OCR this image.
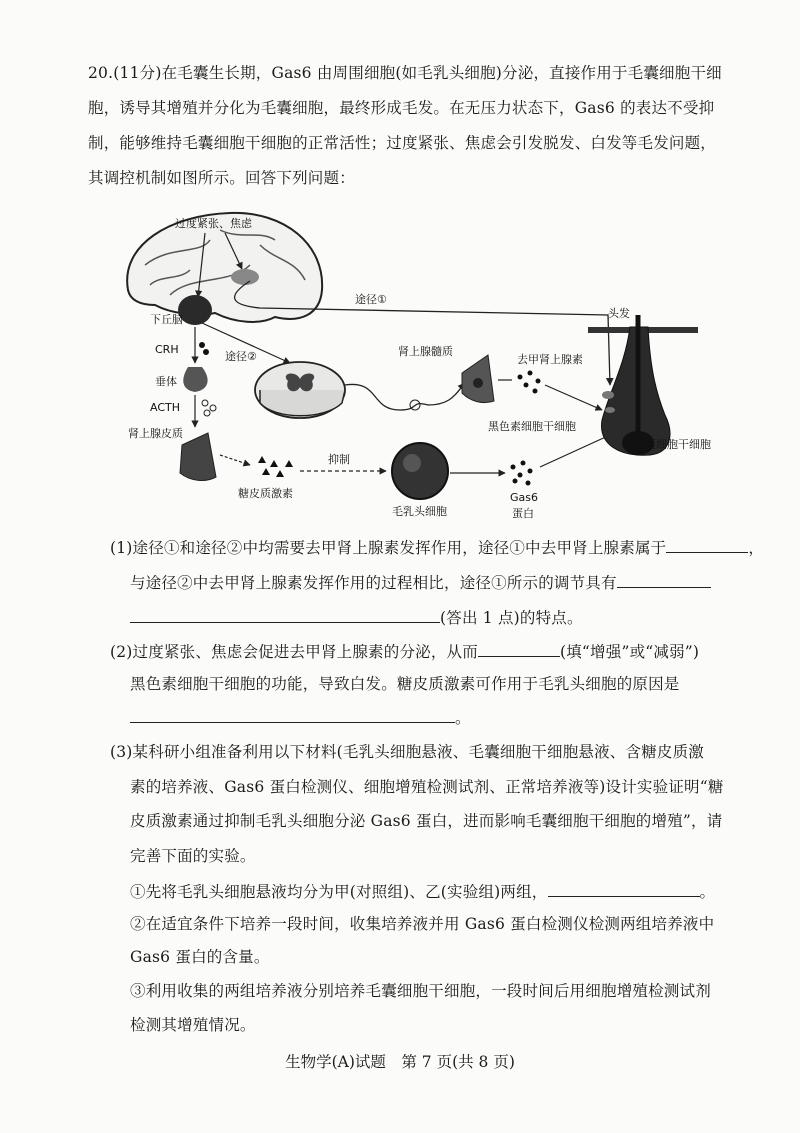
20.(11分)在毛囊生长期，Gas6 由周围细胞(如毛乳头细胞)分泌，直接作用于毛囊细胞干细
胞，诱导其增殖并分化为毛囊细胞，最终形成毛发。在无压力状态下，Gas6 的表达不受抑
制，能够维持毛囊细胞干细胞的正常活性；过度紧张、焦虑会引发脱发、白发等毛发问题，
其调控机制如图所示。回答下列问题：
过度紧张、焦虑
下丘脑
CRH
垂体
ACTH
肾上腺皮质
糖皮质激素
抑制
毛乳头细胞
Gas6
蛋白
途径①
途径②	肾上腺髓质
去甲肾上腺素
头发
黑色素细胞干细胞
毛囊细胞干细胞
(1)途径①和途径②中均需要去甲肾上腺素发挥作用，途径①中去甲肾上腺素属于	，
与途径②中去甲肾上腺素发挥作用的过程相比，途径①所示的调节具有
(答出 1 点)的特点。
(2)过度紧张、焦虑会促进去甲肾上腺素的分泌，从而	(填“增强”或“减弱”)
黑色素细胞干细胞的功能，导致白发。糖皮质激素可作用于毛乳头细胞的原因是
。
(3)某科研小组准备利用以下材料(毛乳头细胞悬液、毛囊细胞干细胞悬液、含糖皮质激
素的培养液、Gas6 蛋白检测仪、细胞增殖检测试剂、正常培养液等)设计实验证明“糖
皮质激素通过抑制毛乳头细胞分泌 Gas6 蛋白，进而影响毛囊细胞干细胞的增殖”，请
完善下面的实验。
①先将毛乳头细胞悬液均分为甲(对照组)、乙(实验组)两组，	。
②在适宜条件下培养一段时间，收集培养液并用 Gas6 蛋白检测仪检测两组培养液中
Gas6 蛋白的含量。
③利用收集的两组培养液分别培养毛囊细胞干细胞，一段时间后用细胞增殖检测试剂
检测其增殖情况。
生物学(A)试题　第 7 页(共 8 页)
